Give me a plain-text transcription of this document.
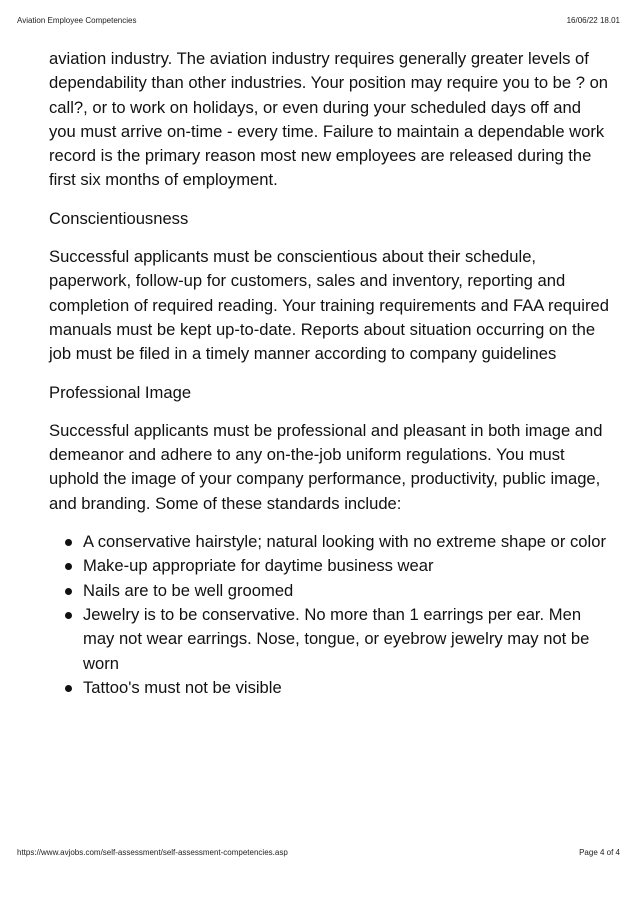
Aviation Employee Competencies	16/06/22 18.01

aviation industry. The aviation industry requires generally greater levels of dependability than other industries. Your position may require you to be ? on call?, or to work on holidays, or even during your scheduled days off and you must arrive on-time - every time. Failure to maintain a dependable work record is the primary reason most new employees are released during the first six months of employment.

Conscientiousness

Successful applicants must be conscientious about their schedule, paperwork, follow-up for customers, sales and inventory, reporting and completion of required reading. Your training requirements and FAA required manuals must be kept up-to-date. Reports about situation occurring on the job must be filed in a timely manner according to company guidelines

Professional Image

Successful applicants must be professional and pleasant in both image and demeanor and adhere to any on-the-job uniform regulations. You must uphold the image of your company performance, productivity, public image, and branding. Some of these standards include:

A conservative hairstyle; natural looking with no extreme shape or color
Make-up appropriate for daytime business wear
Nails are to be well groomed
Jewelry is to be conservative. No more than 1 earrings per ear. Men may not wear earrings. Nose, tongue, or eyebrow jewelry may not be worn
Tattoo's must not be visible
https://www.avjobs.com/self-assessment/self-assessment-competencies.asp	Page 4 of 4
